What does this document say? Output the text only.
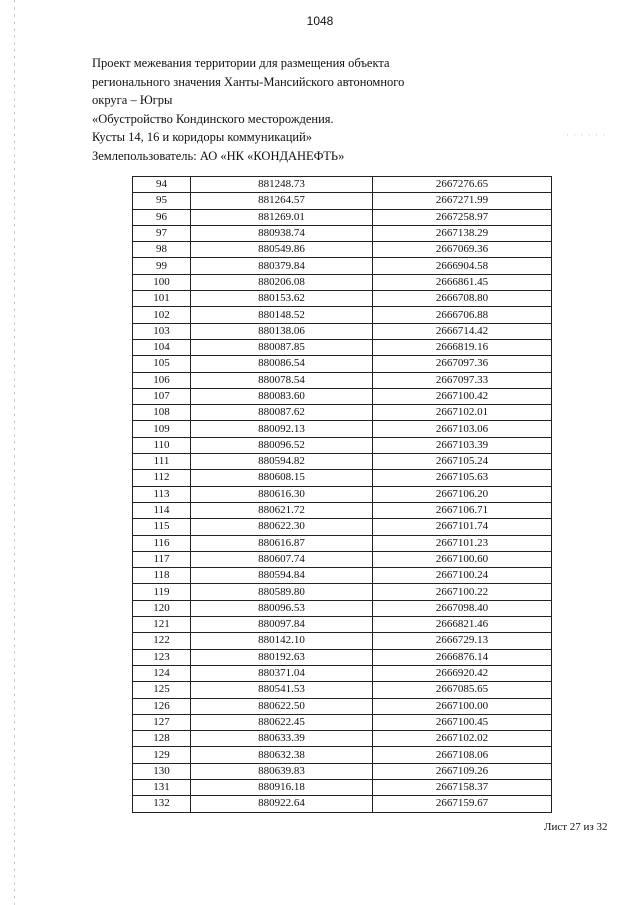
1048
Проект межевания территории для размещения объекта
регионального значения Ханты-Мансийского автономного
округа – Югры
«Обустройство Кондинского месторождения.
Кусты 14, 16 и коридоры коммуникаций»
Землепользователь: АО «НК «КОНДАНЕФТЬ»
· · · · · ·
94	881248.73	2667276.65
95	881264.57	2667271.99
96	881269.01	2667258.97
97	880938.74	2667138.29
98	880549.86	2667069.36
99	880379.84	2666904.58
100	880206.08	2666861.45
101	880153.62	2666708.80
102	880148.52	2666706.88
103	880138.06	2666714.42
104	880087.85	2666819.16
105	880086.54	2667097.36
106	880078.54	2667097.33
107	880083.60	2667100.42
108	880087.62	2667102.01
109	880092.13	2667103.06
110	880096.52	2667103.39
111	880594.82	2667105.24
112	880608.15	2667105.63
113	880616.30	2667106.20
114	880621.72	2667106.71
115	880622.30	2667101.74
116	880616.87	2667101.23
117	880607.74	2667100.60
118	880594.84	2667100.24
119	880589.80	2667100.22
120	880096.53	2667098.40
121	880097.84	2666821.46
122	880142.10	2666729.13
123	880192.63	2666876.14
124	880371.04	2666920.42
125	880541.53	2667085.65
126	880622.50	2667100.00
127	880622.45	2667100.45
128	880633.39	2667102.02
129	880632.38	2667108.06
130	880639.83	2667109.26
131	880916.18	2667158.37
132	880922.64	2667159.67
Лист 27 из 32
